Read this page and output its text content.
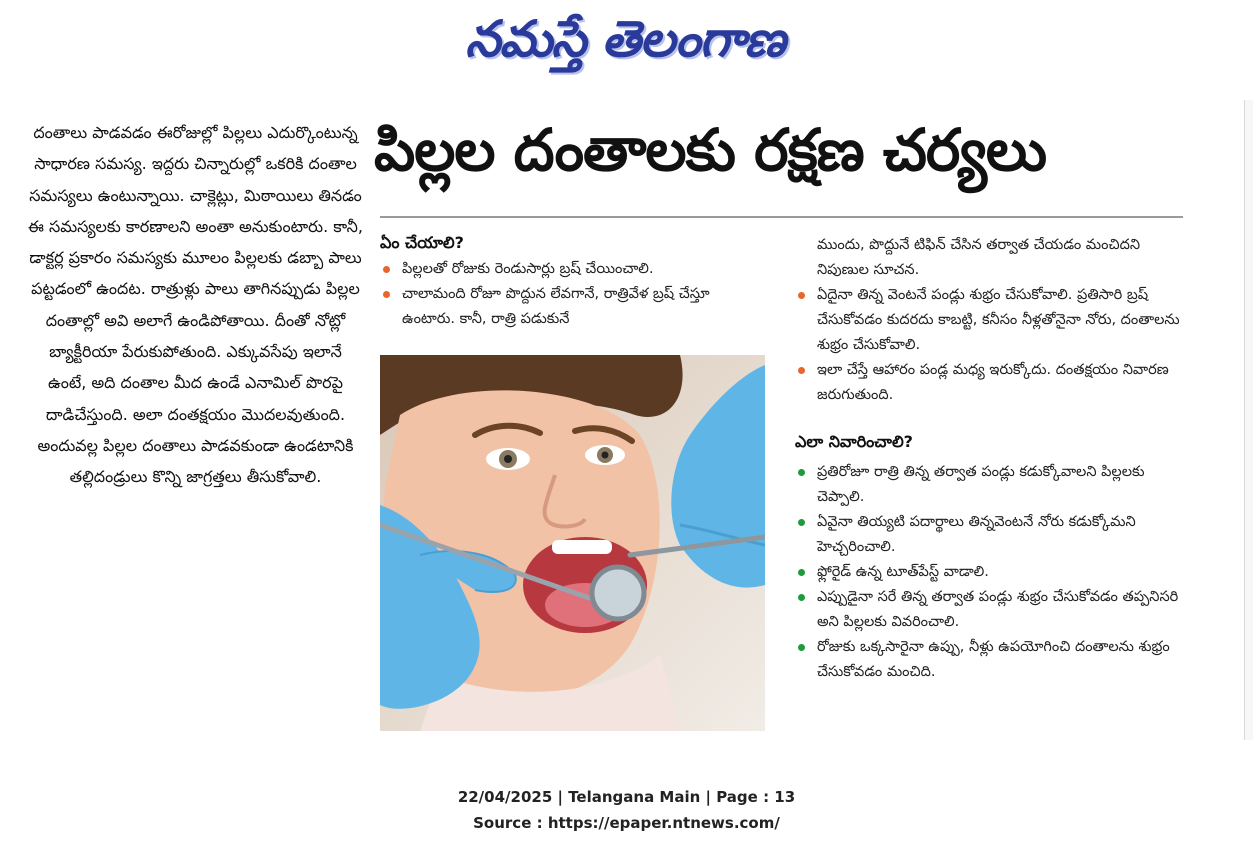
నమస్తే తెలంగాణ

దంతాలు పాడవడం ఈరోజుల్లో పిల్లలు ఎదుర్కొంటున్న సాధారణ సమస్య. ఇద్దరు చిన్నారుల్లో ఒకరికి దంతాల సమస్యలు ఉంటున్నాయి. చాక్లెట్లు, మిఠాయిలు తినడం ఈ సమస్యలకు కారణాలని అంతా అనుకుంటారు. కానీ, డాక్టర్ల ప్రకారం సమస్యకు మూలం పిల్లలకు డబ్బా పాలు పట్టడంలో ఉందట. రాత్రుళ్లు పాలు తాగినప్పుడు పిల్లల దంతాల్లో అవి అలాగే ఉండిపోతాయి. దీంతో నోట్లో బ్యాక్టీరియా పేరుకుపోతుంది. ఎక్కువసేపు ఇలానే ఉంటే, అది దంతాల మీద ఉండే ఎనామిల్ పొరపై దాడిచేస్తుంది. అలా దంతక్షయం మొదలవుతుంది. అందువల్ల పిల్లల దంతాలు పాడవకుండా ఉండటానికి తల్లిదండ్రులు కొన్ని జాగ్రత్తలు తీసుకోవాలి.

పిల్లల దంతాలకు రక్షణ చర్యలు
ఏం చేయాలి?
పిల్లలతో రోజుకు రెండుసార్లు బ్రష్ చేయించాలి.
చాలామంది రోజూ పొద్దున లేవగానే, రాత్రివేళ బ్రష్ చేస్తూ ఉంటారు. కానీ, రాత్రి పడుకునే
ముందు, పొద్దునే టిఫిన్ చేసిన తర్వాత చేయడం మంచిదని నిపుణుల సూచన.
ఏదైనా తిన్న వెంటనే పండ్లు శుభ్రం చేసుకోవాలి. ప్రతిసారి బ్రష్ చేసుకోవడం కుదరదు కాబట్టి, కనీసం నీళ్లతోనైనా నోరు, దంతాలను శుభ్రం చేసుకోవాలి.
ఇలా చేస్తే ఆహారం పండ్ల మధ్య ఇరుక్కోదు. దంతక్షయం నివారణ జరుగుతుంది.
ఎలా నివారించాలి?
ప్రతిరోజూ రాత్రి తిన్న తర్వాత పండ్లు కడుక్కోవాలని పిల్లలకు చెప్పాలి.
ఏవైనా తియ్యటి పదార్థాలు తిన్నవెంటనే నోరు కడుక్కోమని హెచ్చరించాలి.
ఫ్లోరైడ్ ఉన్న టూత్‌పేస్ట్ వాడాలి.
ఎప్పుడైనా సరే తిన్న తర్వాత పండ్లు శుభ్రం చేసుకోవడం తప్పనిసరి అని పిల్లలకు వివరించాలి.
రోజుకు ఒక్కసారైనా ఉప్పు, నీళ్లు ఉపయోగించి దంతాలను శుభ్రం చేసుకోవడం మంచిది.
22/04/2025 | Telangana Main | Page : 13
Source : https://epaper.ntnews.com/
